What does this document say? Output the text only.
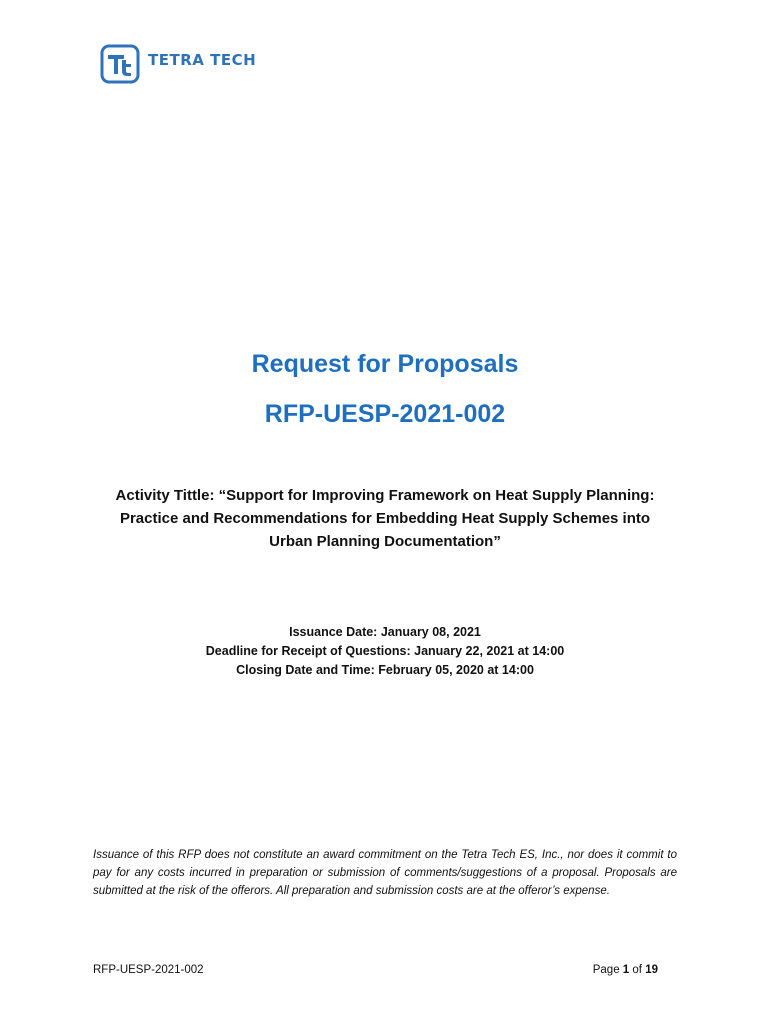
TETRA TECH
Request for Proposals
RFP-UESP-2021-002
Activity Tittle: “Support for Improving Framework on Heat Supply Planning:
Practice and Recommendations for Embedding Heat Supply Schemes into
Urban Planning Documentation”
Issuance Date: January 08, 2021
Deadline for Receipt of Questions: January 22, 2021 at 14:00
Closing Date and Time: February 05, 2020 at 14:00
Issuance of this RFP does not constitute an award commitment on the Tetra Tech ES, Inc., nor does it commit to pay for any costs incurred in preparation or submission of comments/suggestions of a proposal. Proposals are submitted at the risk of the offerors. All preparation and submission costs are at the offeror’s expense.
RFP-UESP-2021-002	Page 1 of 19
